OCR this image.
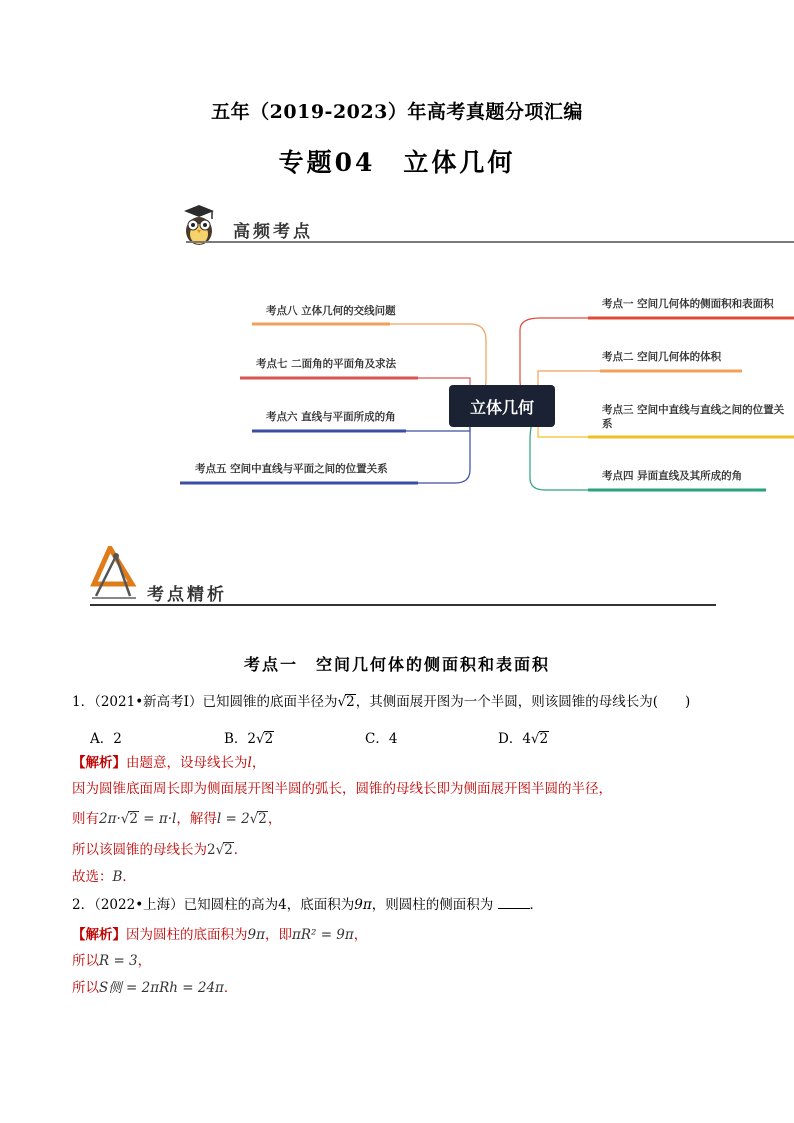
五年（2019-2023）年高考真题分项汇编
专题04　立体几何
高频考点
立体几何
考点八 立体几何的交线问题
考点七 二面角的平面角及求法
考点六 直线与平面所成的角
考点五 空间中直线与平面之间的位置关系
考点一 空间几何体的侧面积和表面积
考点二 空间几何体的体积
考点三 空间中直线与直线之间的位置关系
考点四 异面直线及其所成的角
考点精析
考点一　空间几何体的侧面积和表面积
1．（2021•新高考Ⅰ）已知圆锥的底面半径为√2，其侧面展开图为一个半圆，则该圆锥的母线长为(　　)
A．2	B．2√2	C．4	D．4√2
【解析】由题意，设母线长为l，
因为圆锥底面周长即为侧面展开图半圆的弧长，圆锥的母线长即为侧面展开图半圆的半径，
则有2π·√2 = π·l，解得l = 2√2，
所以该圆锥的母线长为2√2．
故选：B．
2．（2022•上海）已知圆柱的高为4，底面积为9π，则圆柱的侧面积为	．
【解析】因为圆柱的底面积为9π，即πR² = 9π，
所以R = 3，
所以S侧 = 2πRh = 24π．
